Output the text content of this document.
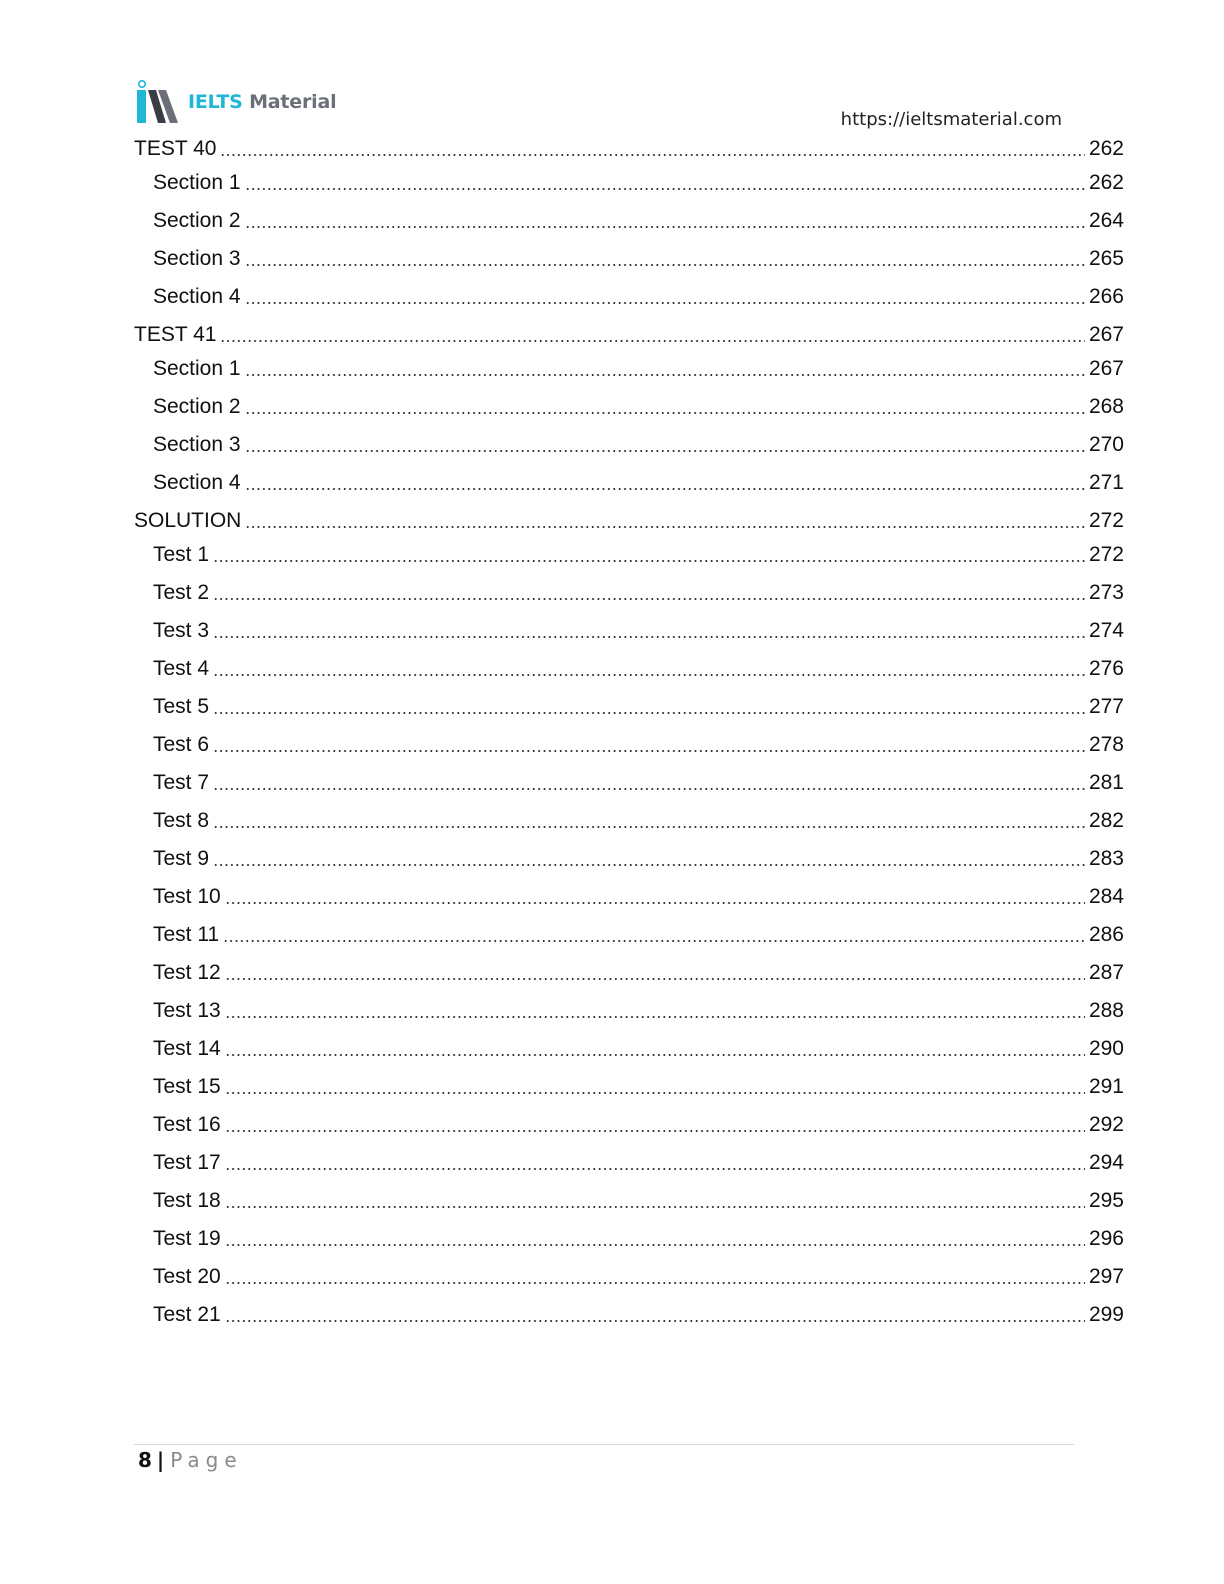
IELTS Material
https://ieltsmaterial.com
TEST 40	262
Section 1	262
Section 2	264
Section 3	265
Section 4	266
TEST 41	267
Section 1	267
Section 2	268
Section 3	270
Section 4	271
SOLUTION	272
Test 1	272
Test 2	273
Test 3	274
Test 4	276
Test 5	277
Test 6	278
Test 7	281
Test 8	282
Test 9	283
Test 10	284
Test 11	286
Test 12	287
Test 13	288
Test 14	290
Test 15	291
Test 16	292
Test 17	294
Test 18	295
Test 19	296
Test 20	297
Test 21	299
8 | Page
